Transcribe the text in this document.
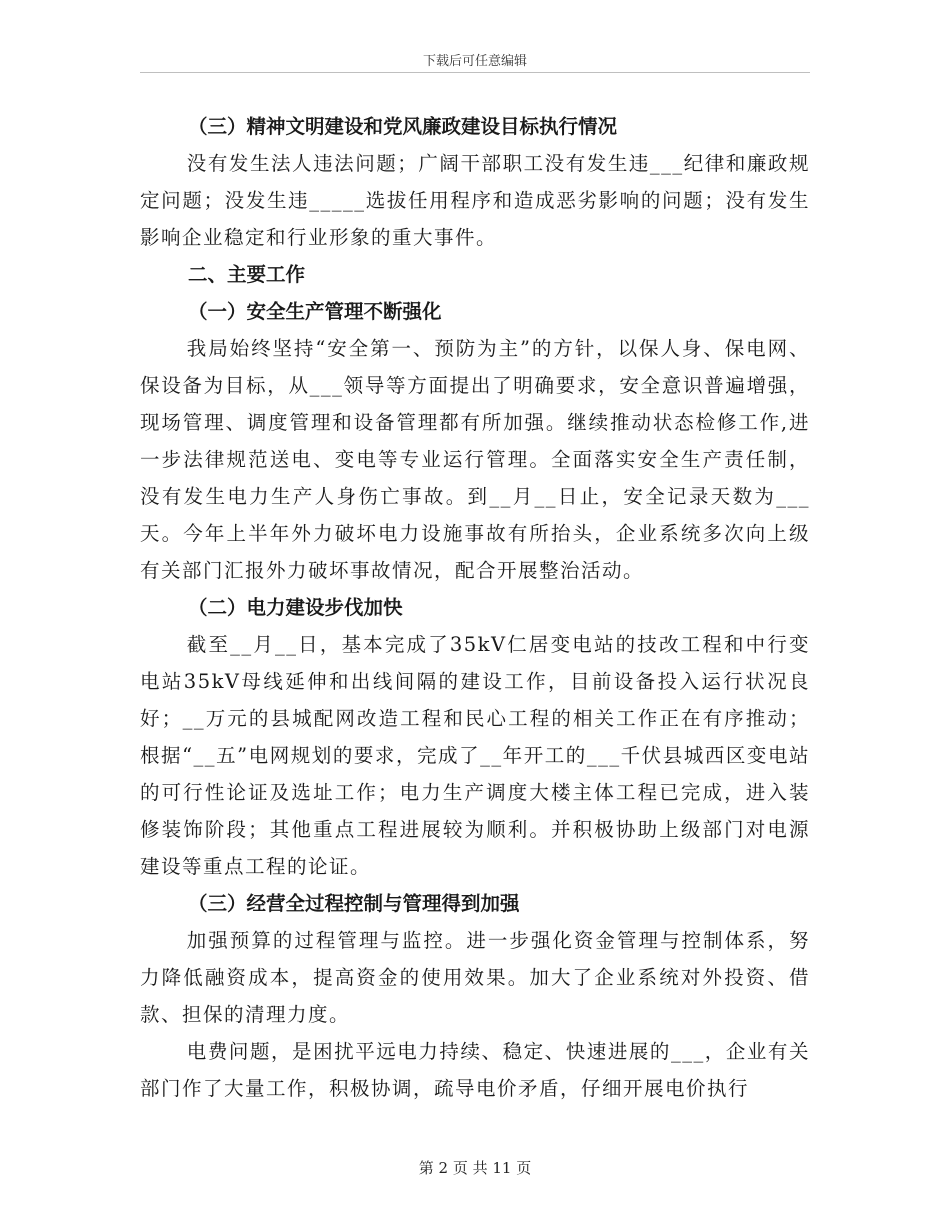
下载后可任意编辑

（三）精神文明建设和党风廉政建设目标执行情况

没有发生法人违法问题；广阔干部职工没有发生违___纪律和廉政规定问题；没发生违_____选拔任用程序和造成恶劣影响的问题；没有发生影响企业稳定和行业形象的重大事件。

二、主要工作

（一）安全生产管理不断强化

我局始终坚持“安全第一、预防为主”的方针，以保人身、保电网、保设备为目标，从___领导等方面提出了明确要求，安全意识普遍增强，现场管理、调度管理和设备管理都有所加强。继续推动状态检修工作,进一步法律规范送电、变电等专业运行管理。全面落实安全生产责任制，没有发生电力生产人身伤亡事故。到__月__日止，安全记录天数为___天。今年上半年外力破坏电力设施事故有所抬头，企业系统多次向上级有关部门汇报外力破坏事故情况，配合开展整治活动。

（二）电力建设步伐加快

截至__月__日，基本完成了35kV仁居变电站的技改工程和中行变电站35kV母线延伸和出线间隔的建设工作，目前设备投入运行状况良好；__万元的县城配网改造工程和民心工程的相关工作正在有序推动；根据“__五”电网规划的要求，完成了__年开工的___千伏县城西区变电站的可行性论证及选址工作；电力生产调度大楼主体工程已完成，进入装修装饰阶段；其他重点工程进展较为顺利。并积极协助上级部门对电源建设等重点工程的论证。

（三）经营全过程控制与管理得到加强

加强预算的过程管理与监控。进一步强化资金管理与控制体系，努力降低融资成本，提高资金的使用效果。加大了企业系统对外投资、借款、担保的清理力度。

电费问题，是困扰平远电力持续、稳定、快速进展的___，企业有关部门作了大量工作，积极协调，疏导电价矛盾，仔细开展电价执行

第 2 页 共 11 页
